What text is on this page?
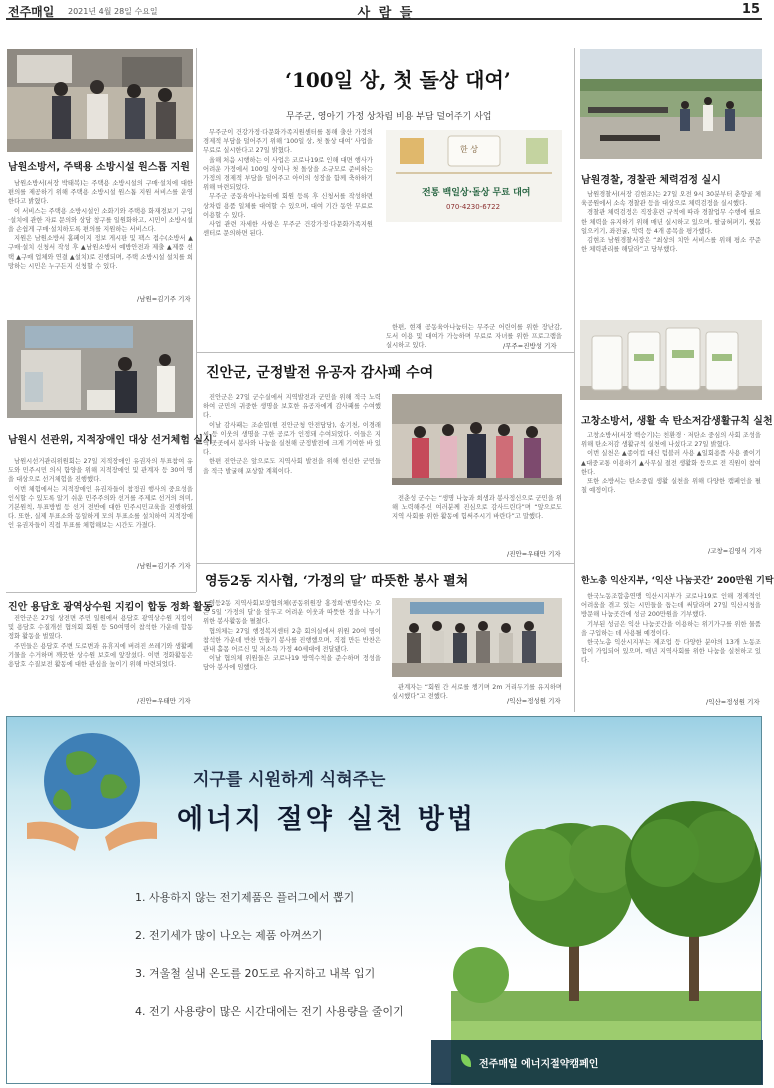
전주매일 2021년 4월 28일 수요일	사 람 들	15
남원소방서, 주택용 소방시설 원스톱 지원

남원소방서(서장 박태복)는 주택용 소방시설의 구매·설치에 대한 편의를 제공하기 위해 주택용 소방시설 원스톱 지원 서비스를 운영한다고 밝혔다.

이 서비스는 주택용 소방시설인 소화기와 주택용 화재경보기 구입·설치에 관한 자료 문의와 상담 창구를 일원화하고, 시민이 소방시설을 손쉽게 구매·설치하도록 편의를 지원하는 서비스다.

지원은 남원소방서 홈페이지 정보 게시판 및 팩스 접수(소방서 ▲구매·설치 신청서 작성 후 ▲남원소방서 예방안전과 제출 ▲제품 선택 ▲구매 업체와 연결 ▲설치)로 진행되며, 주택 소방시설 설치를 희망하는 시민은 누구든지 신청할 수 있다.

/남원=김기주 기자
남원시 선관위, 지적장애인 대상 선거체험 실시

남원시선거관리위원회는 27일 지적장애인 유권자의 투표참여 유도와 민주시민 의식 함양을 위해 지적장애인 및 관계자 등 30여 명을 대상으로 선거체험을 진행했다.

이번 체험에서는 지적장애인 유권자들이 참정권 행사의 중요성을 인식할 수 있도록 알기 쉬운 민주주의와 선거를 주제로 선거의 의미, 기본원칙, 투표방법 등 선거 전반에 대한 민주시민교육을 진행하였다. 또한, 실제 투표소와 동일하게 모의 투표소를 설치하여 지적장애인 유권자들이 직접 투표를 체험해보는 시간도 가졌다.

/남원=김기주 기자
진안 용담호 광역상수원 지킴이 합동 정화 활동

진안군은 27일 상전면 주민 일원에서 용담호 광역상수원 지킴이 및 용담호 수질개선 협의회 회원 등 50여명이 참석한 가운데 합동 정화 활동을 벌였다.

주민들은 용담호 주변 도로변과 유휴지에 버려진 쓰레기와 생활폐기물을 수거하며 깨끗한 상수원 보호에 앞장섰다. 이번 정화활동은 용담호 수질보전 활동에 대한 관심을 높이기 위해 마련되었다.

/진안=우태만 기자
‘100일 상, 첫 돌상 대여’
무주군, 영아기 가정 상차림 비용 부담 덜어주기 사업

무주군이 건강가정·다문화가족지원센터를 통해 출산 가정의 경제적 부담을 덜어주기 위해 ‘100일 상, 첫 돌상 대여’ 사업을 무료로 실시한다고 27일 밝혔다.

올해 처음 시행하는 이 사업은 코로나19로 인해 대면 행사가 어려운 가정에서 100일 상이나 첫 돌상을 소규모로 준비하는 가정의 경제적 부담을 덜어주고 아이의 성장을 함께 축하하기 위해 마련되었다.

무주군 공동육아나눔터에 회원 등록 후 신청서를 작성하면 상차림 용품 일체를 대여할 수 있으며, 대여 기간 동안 무료로 이용할 수 있다.

사업 관련 자세한 사항은 무주군 건강가정·다문화가족지원센터로 문의하면 된다.

한 상
전통 백일상·돌상 무료 대여
070-4230-6722

한편, 현재 공동육아나눔터는 무주군 어린이를 위한 장난감, 도서 이용 및 대여가 가능하며 무료로 자녀를 위한 프로그램을 실시하고 있다.	/무주=진방성 기자
진안군, 군정발전 유공자 감사패 수여

진안군은 27일 군수실에서 지역발전과 군민을 위해 적극 노력하여 군민의 귀중한 생명을 보호한 유공자에게 감사패를 수여했다.

이날 감사패는 조순엽(현 진안군청 안전담당), 송기천, 이경래 씨 등 이웃의 생명을 구한 공로가 인정돼 수여되었다. 이들은 지역 곳곳에서 봉사와 나눔을 실천해 군정발전에 크게 기여한 바 있다.

한편 진안군은 앞으로도 지역사회 발전을 위해 헌신한 군민들을 적극 발굴해 포상할 계획이다.

전춘성 군수는 “생명 나눔과 희생과 봉사정신으로 군민을 위해 노력해주신 여러분께 진심으로 감사드린다”며 “앞으로도 지역 사회를 위한 활동에 힘써주시기 바란다”고 말했다.

/진안=우태만 기자
영등2동 지사협, ‘가정의 달’ 따뜻한 봉사 펼쳐

영등2동 지역사회보장협의체(공동위원장 홍정희·변명숙)는 오는 5일 ‘가정의 달’을 앞두고 어려운 이웃과 따뜻한 정을 나누기 위한 봉사활동을 펼쳤다.

협의체는 27일 행정복지센터 2층 회의실에서 위원 20여 명이 참석한 가운데 반찬 만들기 봉사를 진행했으며, 직접 만든 반찬은 관내 홀몸 어르신 및 저소득 가정 40세대에 전달됐다.

이날 협의체 위원들은 코로나19 방역수칙을 준수하며 정성을 담아 봉사에 임했다.

관계자는 “회원 간 서로를 챙기며 2m 거리두기를 유지하며 실시했다”고 전했다.

/익산=정성원 기자
남원경찰, 경찰관 체력검정 실시

남원경찰서(서장 김현조)는 27일 오전 9시 30분부터 춘향골 체육공원에서 소속 경찰관 등을 대상으로 체력검정을 실시했다.

경찰관 체력검정은 직장훈련 규칙에 따라 경찰업무 수행에 필요한 체력을 유지하기 위해 매년 실시하고 있으며, 팔굽혀펴기, 윗몸일으키기, 좌전굴, 악력 등 4개 종목을 평가했다.

김현조 남원경찰서장은 “최상의 치안 서비스를 위해 평소 꾸준한 체력관리를 해달라”고 당부했다.

고창소방서, 생활 속 탄소저감생활규칙 실천

고창소방서(서장 백승기)는 친환경 · 저탄소 중심의 사회 조성을 위해 탄소저감 생활규칙 실천에 나섰다고 27일 밝혔다.

이번 실천은 ▲종이컵 대신 텀블러 사용 ▲일회용품 사용 줄이기 ▲대중교통 이용하기 ▲사무실 절전 생활화 등으로 전 직원이 참여한다.

또한 소방서는 탄소중립 생활 실천을 위해 다양한 캠페인을 펼칠 예정이다.

/고창=김영식 기자
한노총 익산지부, ‘익산 나눔곳간’ 200만원 기탁

한국노동조합총연맹 익산시지부가 코로나19로 인해 경제적인 어려움을 겪고 있는 시민들을 돕는데 써달라며 27일 익산시청을 방문해 나눔곳간에 성금 200만원을 기부했다.

기부된 성금은 익산 나눔곳간을 이용하는 위기가구를 위한 물품을 구입하는 데 사용될 예정이다.

한국노총 익산시지부는 제조업 등 다양한 분야의 13개 노동조합이 가입되어 있으며, 매년 지역사회를 위한 나눔을 실천하고 있다.

/익산=정성원 기자
지구를 시원하게 식혀주는
에너지 절약 실천 방법
1. 사용하지 않는 전기제품은 플러그에서 뽑기
2. 전기세가 많이 나오는 제품 아껴쓰기
3. 겨울철 실내 온도를 20도로 유지하고 내복 입기
4. 전기 사용량이 많은 시간대에는 전기 사용량을 줄이기
전주매일 에너지절약캠페인
